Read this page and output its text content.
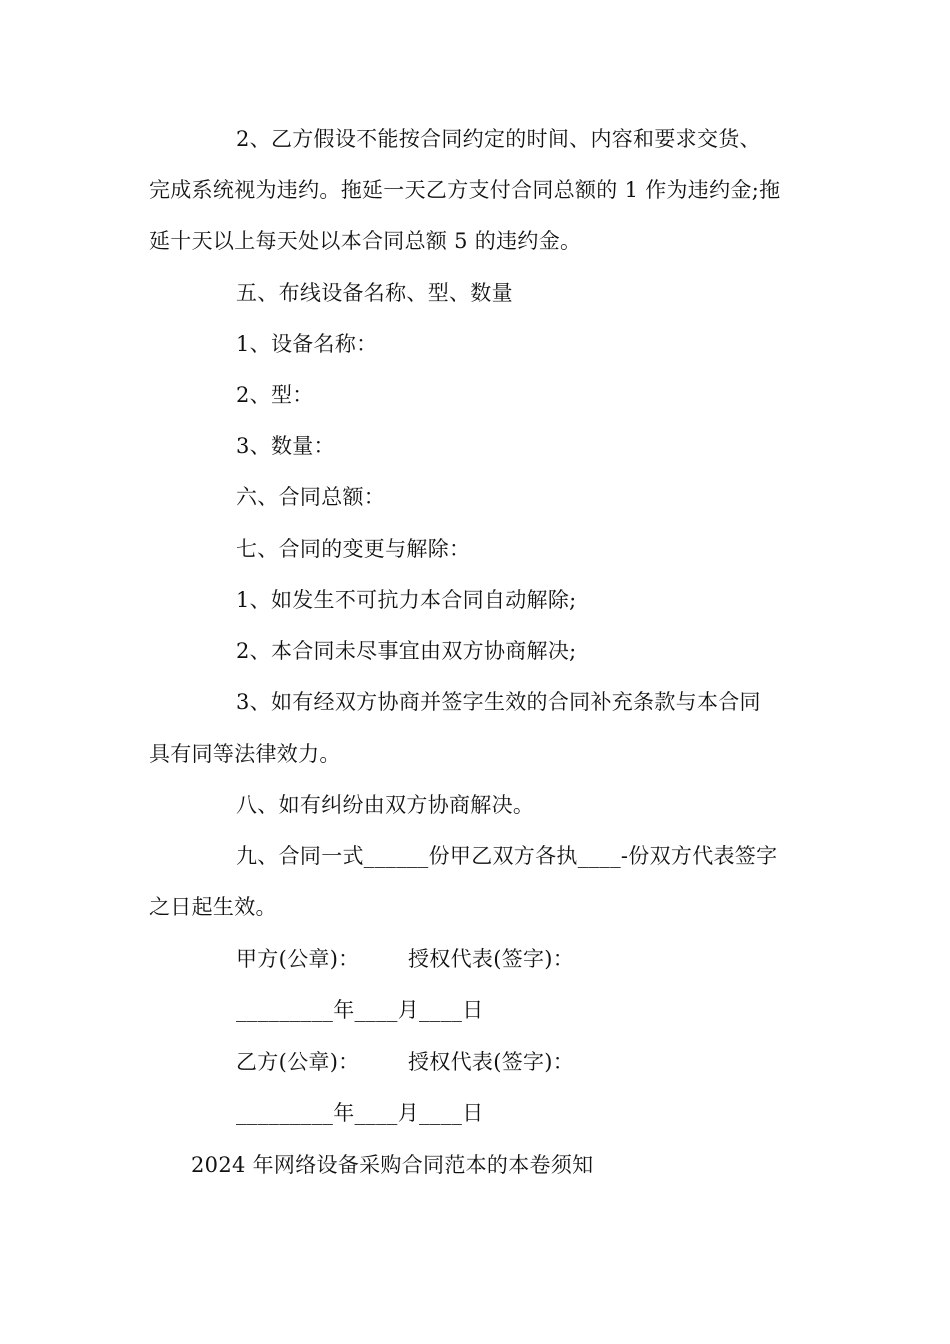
2、乙方假设不能按合同约定的时间、内容和要求交货、
完成系统视为违约。拖延一天乙方支付合同总额的 1 作为违约金;拖
延十天以上每天处以本合同总额 5 的违约金。
五、布线设备名称、型、数量
1、设备名称：
2、型：
3、数量：
六、合同总额：
七、合同的变更与解除：
1、如发生不可抗力本合同自动解除;
2、本合同未尽事宜由双方协商解决;
3、如有经双方协商并签字生效的合同补充条款与本合同
具有同等法律效力。
八、如有纠纷由双方协商解决。
九、合同一式______份甲乙双方各执____-份双方代表签字
之日起生效。
甲方(公章)： 授权代表(签字)：
_________年____月____日
乙方(公章)： 授权代表(签字)：
_________年____月____日
2024 年网络设备采购合同范本的本卷须知
